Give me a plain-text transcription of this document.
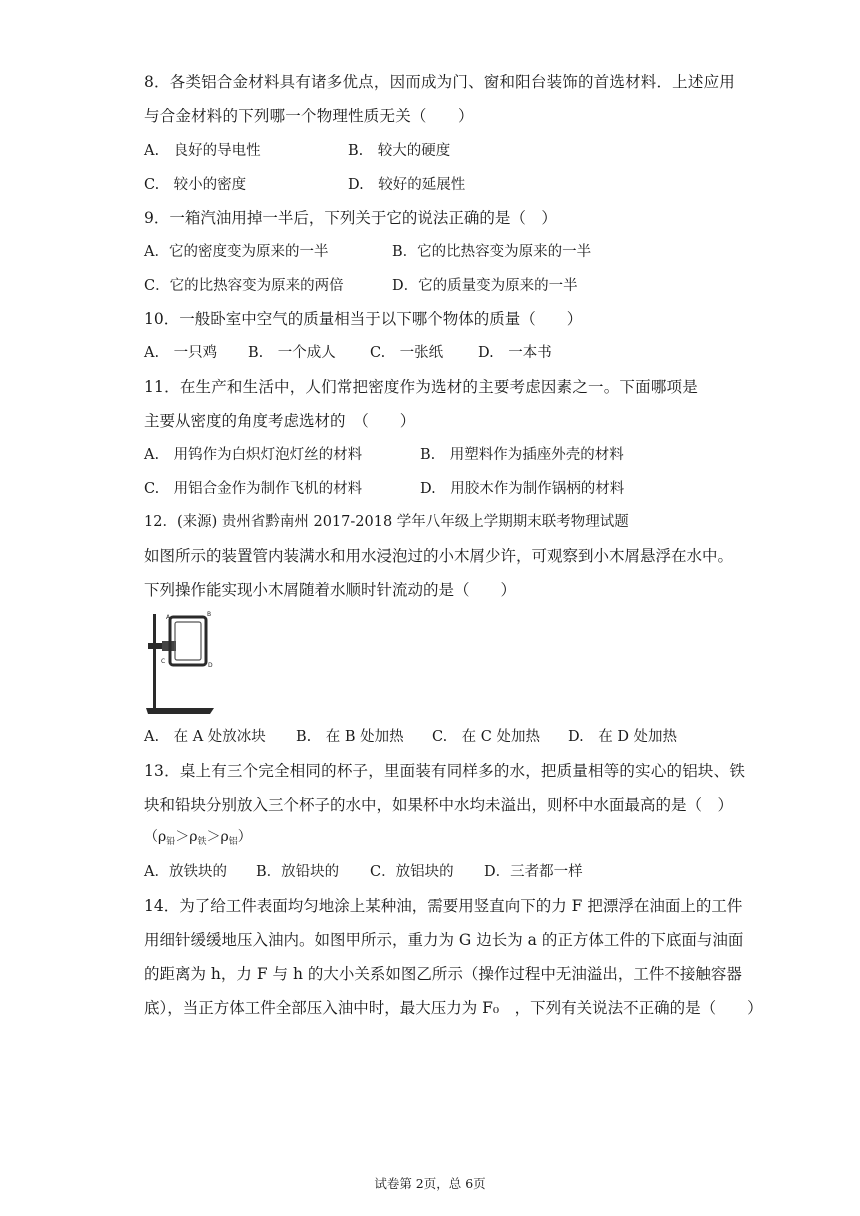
8．各类铝合金材料具有诸多优点，因而成为门、窗和阳台装饰的首选材料．上述应用
与合金材料的下列哪一个物理性质无关（　　）
A.　良好的导电性	B.　较大的硬度
C.　较小的密度	D.　较好的延展性
9．一箱汽油用掉一半后，下列关于它的说法正确的是（　）
A．它的密度变为原来的一半	B．它的比热容变为原来的一半
C．它的比热容变为原来的两倍	D．它的质量变为原来的一半
10．一般卧室中空气的质量相当于以下哪个物体的质量（　　）
A.　一只鸡 B.　一个成人 C.　一张纸 D.　一本书
11．在生产和生活中，人们常把密度作为选材的主要考虑因素之一。下面哪项是
主要从密度的角度考虑选材的　（　　）
A.　用钨作为白炽灯泡灯丝的材料	B.　用塑料作为插座外壳的材料
C.　用铝合金作为制作飞机的材料	D.　用胶木作为制作锅柄的材料
12．(来源) 贵州省黔南州 2017-2018 学年八年级上学期期末联考物理试题
如图所示的装置管内装满水和用水浸泡过的小木屑少许，可观察到小木屑悬浮在水中。
下列操作能实现小木屑随着水顺时针流动的是（　　）
A	B
C
D
A.　在 A 处放冰块 B.　在 B 处加热 C.　在 C 处加热 D.　在 D 处加热
13．桌上有三个完全相同的杯子，里面装有同样多的水，把质量相等的实心的铝块、铁
块和铅块分别放入三个杯子的水中，如果杯中水均未溢出，则杯中水面最高的是（　）
$(\rho_铅>\rho_铁>\rho_铝)$
A．放铁块的 B．放铅块的 C．放铝块的 D．三者都一样
14．为了给工件表面均匀地涂上某种油，需要用竖直向下的力 F 把漂浮在油面上的工件
用细针缓缓地压入油内。如图甲所示，重力为 G 边长为 a 的正方体工件的下底面与油面
的距离为 h，力 F 与 h 的大小关系如图乙所示（操作过程中无油溢出，工件不接触容器
底），当正方体工件全部压入油中时，最大压力为 F₀　，下列有关说法不正确的是（　　）
试卷第 2页，总 6页
